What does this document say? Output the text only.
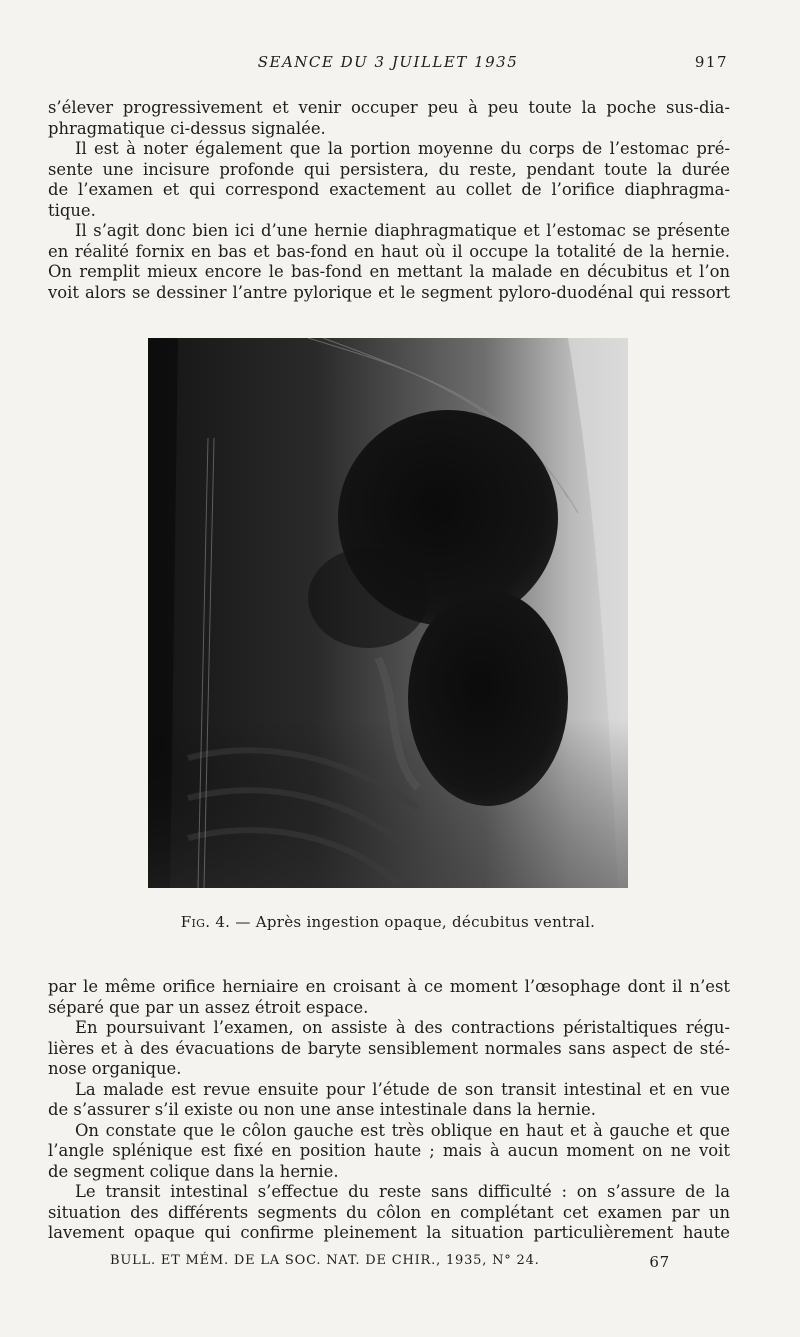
SEANCE DU 3 JUILLET 1935	917
s’élever progressivement et venir occuper peu à peu toute la poche sus-dia-
phragmatique ci-dessus signalée.
Il est à noter également que la portion moyenne du corps de l’estomac pré-
sente une incisure profonde qui persistera, du reste, pendant toute la durée
de l’examen et qui correspond exactement au collet de l’orifice diaphragma-
tique.
Il s’agit donc bien ici d’une hernie diaphragmatique et l’estomac se présente
en réalité fornix en bas et bas-fond en haut où il occupe la totalité de la hernie.
On remplit mieux encore le bas-fond en mettant la malade en décubitus et l’on
voit alors se dessiner l’antre pylorique et le segment pyloro-duodénal qui ressort
Fig. 4. — Après ingestion opaque, décubitus ventral.
par le même orifice herniaire en croisant à ce moment l’œsophage dont il n’est
séparé que par un assez étroit espace.
En poursuivant l’examen, on assiste à des contractions péristaltiques régu-
lières et à des évacuations de baryte sensiblement normales sans aspect de sté-
nose organique.
La malade est revue ensuite pour l’étude de son transit intestinal et en vue
de s’assurer s’il existe ou non une anse intestinale dans la hernie.
On constate que le côlon gauche est très oblique en haut et à gauche et que
l’angle splénique est fixé en position haute ; mais à aucun moment on ne voit
de segment colique dans la hernie.
Le transit intestinal s’effectue du reste sans difficulté : on s’assure de la
situation des différents segments du côlon en complétant cet examen par un
lavement opaque qui confirme pleinement la situation particulièrement haute
BULL. ET MÉM. DE LA SOC. NAT. DE CHIR., 1935, N° 24.	67
